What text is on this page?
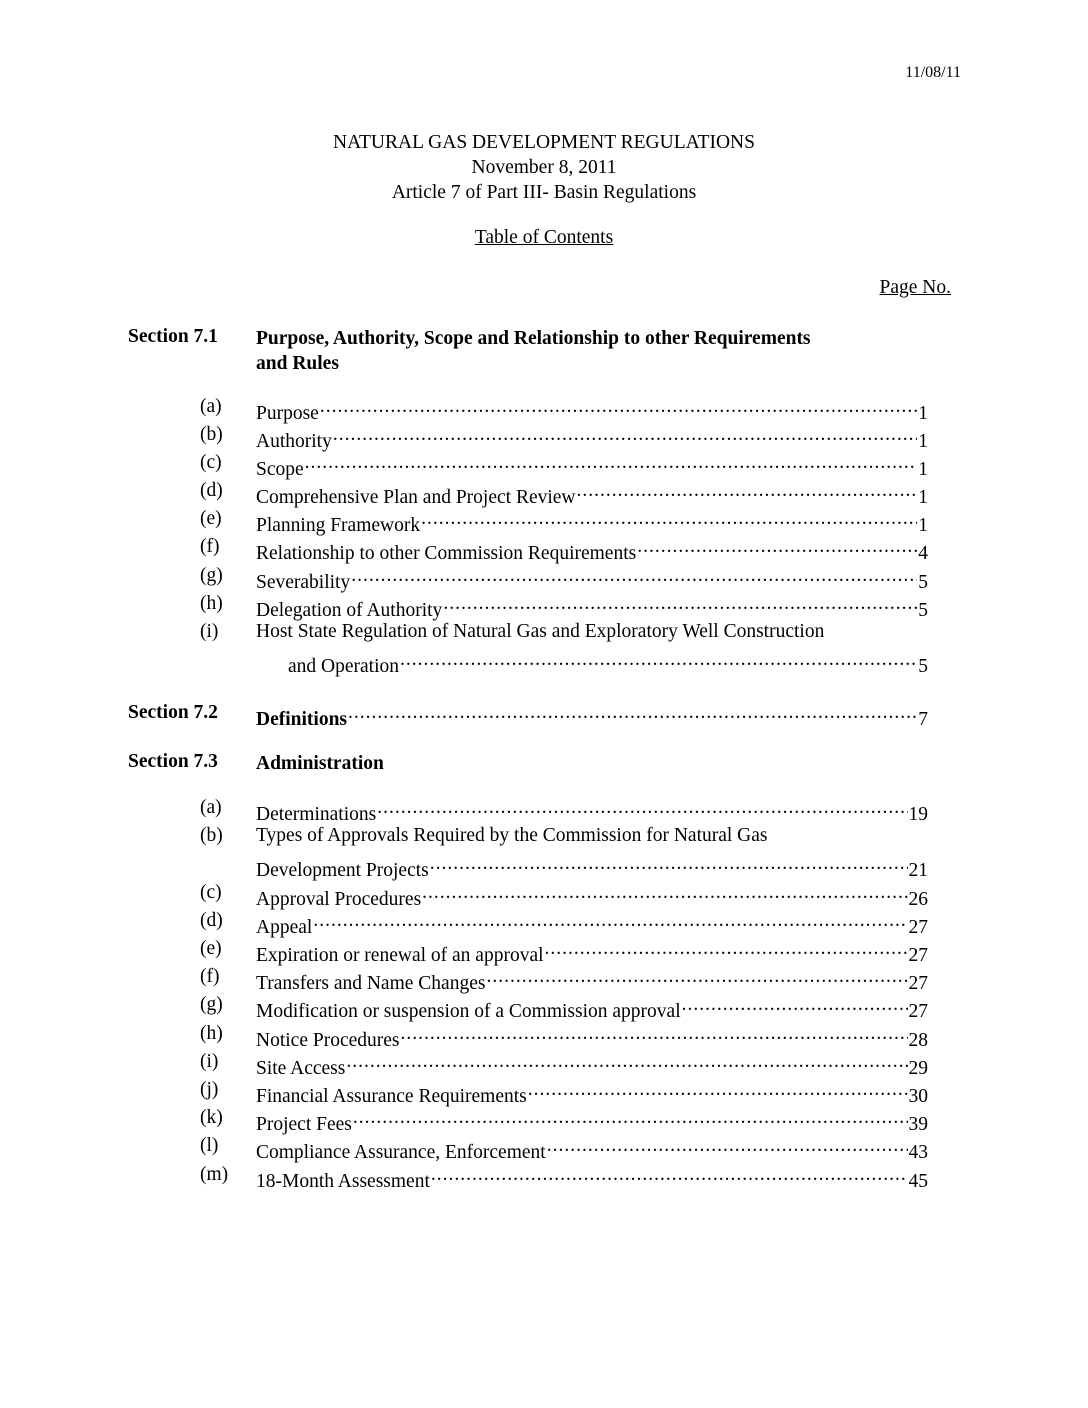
11/08/11
NATURAL GAS DEVELOPMENT REGULATIONS
November 8, 2011
Article 7 of Part III- Basin Regulations
Table of Contents
Page No.
Section 7.1 Purpose, Authority, Scope and Relationship to other Requirements
and Rules
(a) Purpose .....	1
(b) Authority .....	1
(c) Scope .....	1
(d) Comprehensive Plan and Project Review .....	1
(e) Planning Framework .....	1
(f) Relationship to other Commission Requirements .....	4
(g) Severability .....	5
(h) Delegation of Authority .....	5
(i) Host State Regulation of Natural Gas and Exploratory Well Construction
and Operation .....	5
Section 7.2 Definitions .....	7
Section 7.3 Administration
(a) Determinations .....	19
(b) Types of Approvals Required by the Commission for Natural Gas
Development Projects .....	21
(c) Approval Procedures .....	26
(d) Appeal .....	27
(e) Expiration or renewal of an approval .....	27
(f) Transfers and Name Changes .....	27
(g) Modification or suspension of a Commission approval .....	27
(h) Notice Procedures .....	28
(i) Site Access .....	29
(j) Financial Assurance Requirements .....	30
(k) Project Fees .....	39
(l) Compliance Assurance, Enforcement .....	43
(m) 18-Month Assessment .....	45
